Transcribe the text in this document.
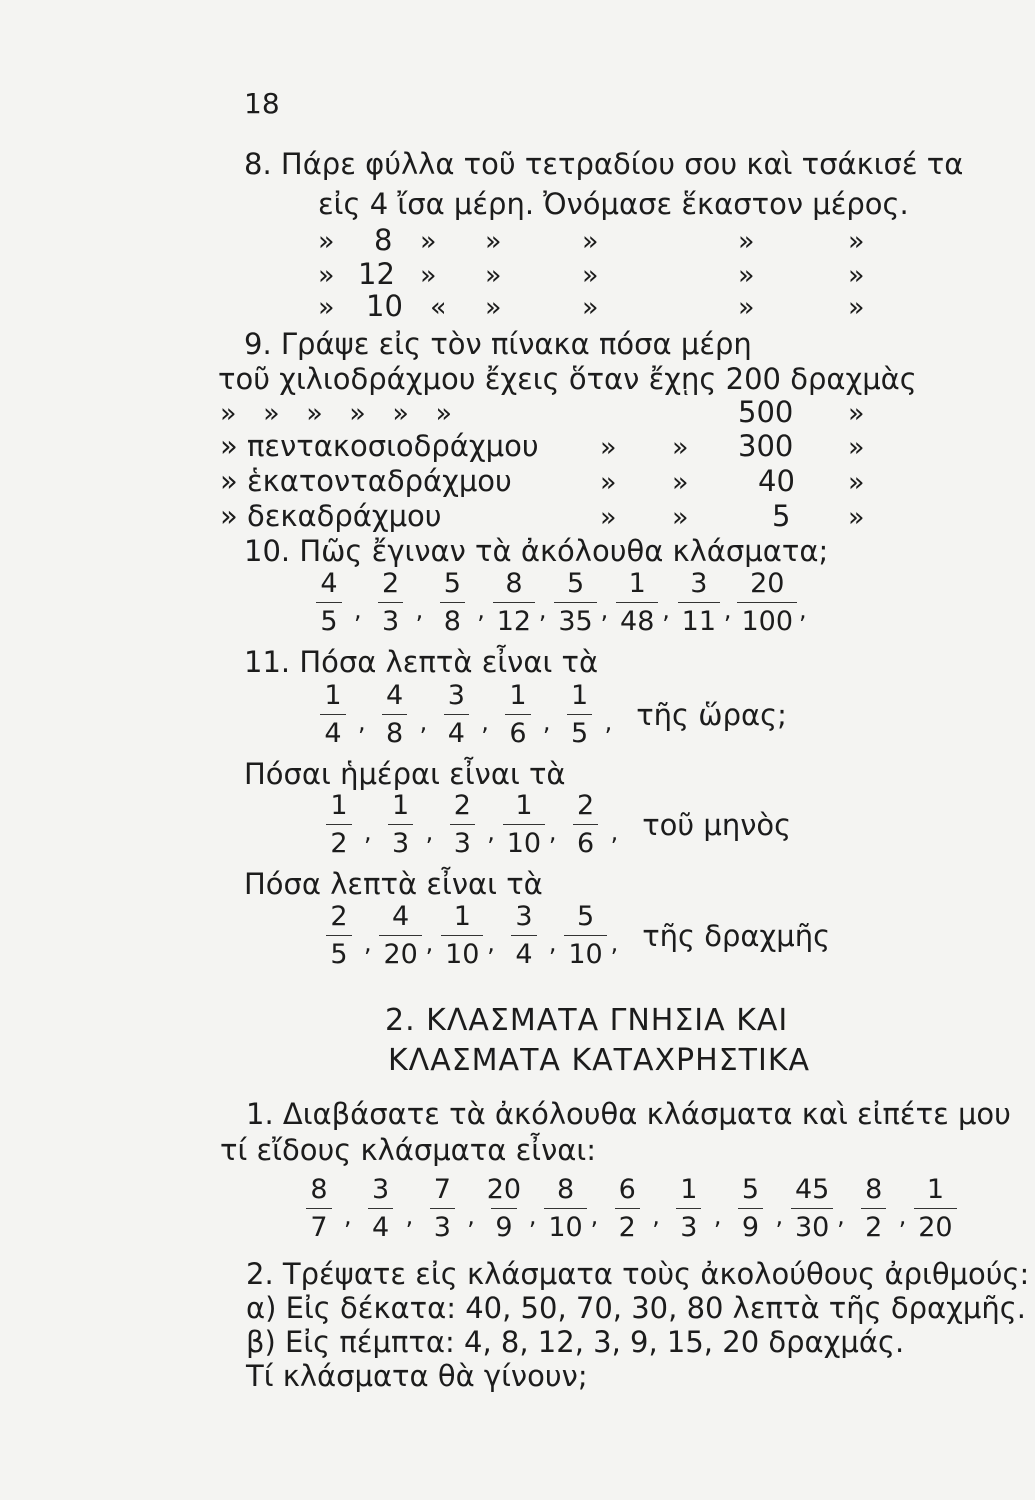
18
8. Πάρε φύλλα τοῦ τετραδίου σου καὶ τσάκισέ τα
εἰς 4 ἴσα μέρη. Ὀνόμασε ἕκαστον μέρος.
» 8 » »	»	»	»
» 12 » »	»	»	»
» 10 « »	»	»	»
9. Γράψε εἰς τὸν πίνακα πόσα μέρη
τοῦ χιλιοδράχμου ἔχεις ὅταν ἔχῃς 200 δραχμὰς
» » » » » »	500 »
» πεντακοσιοδράχμου » » 300 »
» ἑκατονταδράχμου	» » 40 »
» δεκαδράχμου	» »	5 »
10. Πῶς ἔγιναν τὰ ἀκόλουθα κλάσματα;
$\frac{4}{5}$ , $\frac{2}{3}$ , $\frac{5}{8}$ , $\frac{8}{12}$ , $\frac{5}{35}$ , $\frac{1}{48}$ , $\frac{3}{11}$ , $\frac{20}{100}$ ,
11. Πόσα λεπτὰ εἶναι τὰ
$\frac{1}{4}$ , $\frac{4}{8}$ , $\frac{3}{4}$ , $\frac{1}{6}$ , $\frac{1}{5}$ , τῆς ὥρας;
Πόσαι ἡμέραι εἶναι τὰ
$\frac{1}{2}$ , $\frac{1}{3}$ , $\frac{2}{3}$ , $\frac{1}{10}$ , $\frac{2}{6}$ , τοῦ μηνὸς
Πόσα λεπτὰ εἶναι τὰ
$\frac{2}{5}$ , $\frac{4}{20}$ , $\frac{1}{10}$ , $\frac{3}{4}$ , $\frac{5}{10}$ , τῆς δραχμῆς
2. ΚΛΑΣΜΑΤΑ ΓΝΗΣΙΑ ΚΑΙ
ΚΛΑΣΜΑΤΑ ΚΑΤΑΧΡΗΣΤΙΚΑ
1. Διαβάσατε τὰ ἀκόλουθα κλάσματα καὶ εἰπέτε μου
τί εἴδους κλάσματα εἶναι:
$\frac{8}{7}$ , $\frac{3}{4}$ , $\frac{7}{3}$ , $\frac{20}{9}$ , $\frac{8}{10}$ , $\frac{6}{2}$ , $\frac{1}{3}$ , $\frac{5}{9}$ , $\frac{45}{30}$ , $\frac{8}{2}$ , $\frac{1}{20}$
2. Τρέψατε εἰς κλάσματα τοὺς ἀκολούθους ἀριθμούς:
α) Εἰς δέκατα: 40, 50, 70, 30, 80 λεπτὰ τῆς δραχμῆς.
β) Εἰς πέμπτα: 4, 8, 12, 3, 9, 15, 20 δραχμάς.
Τί κλάσματα θὰ γίνουν;
